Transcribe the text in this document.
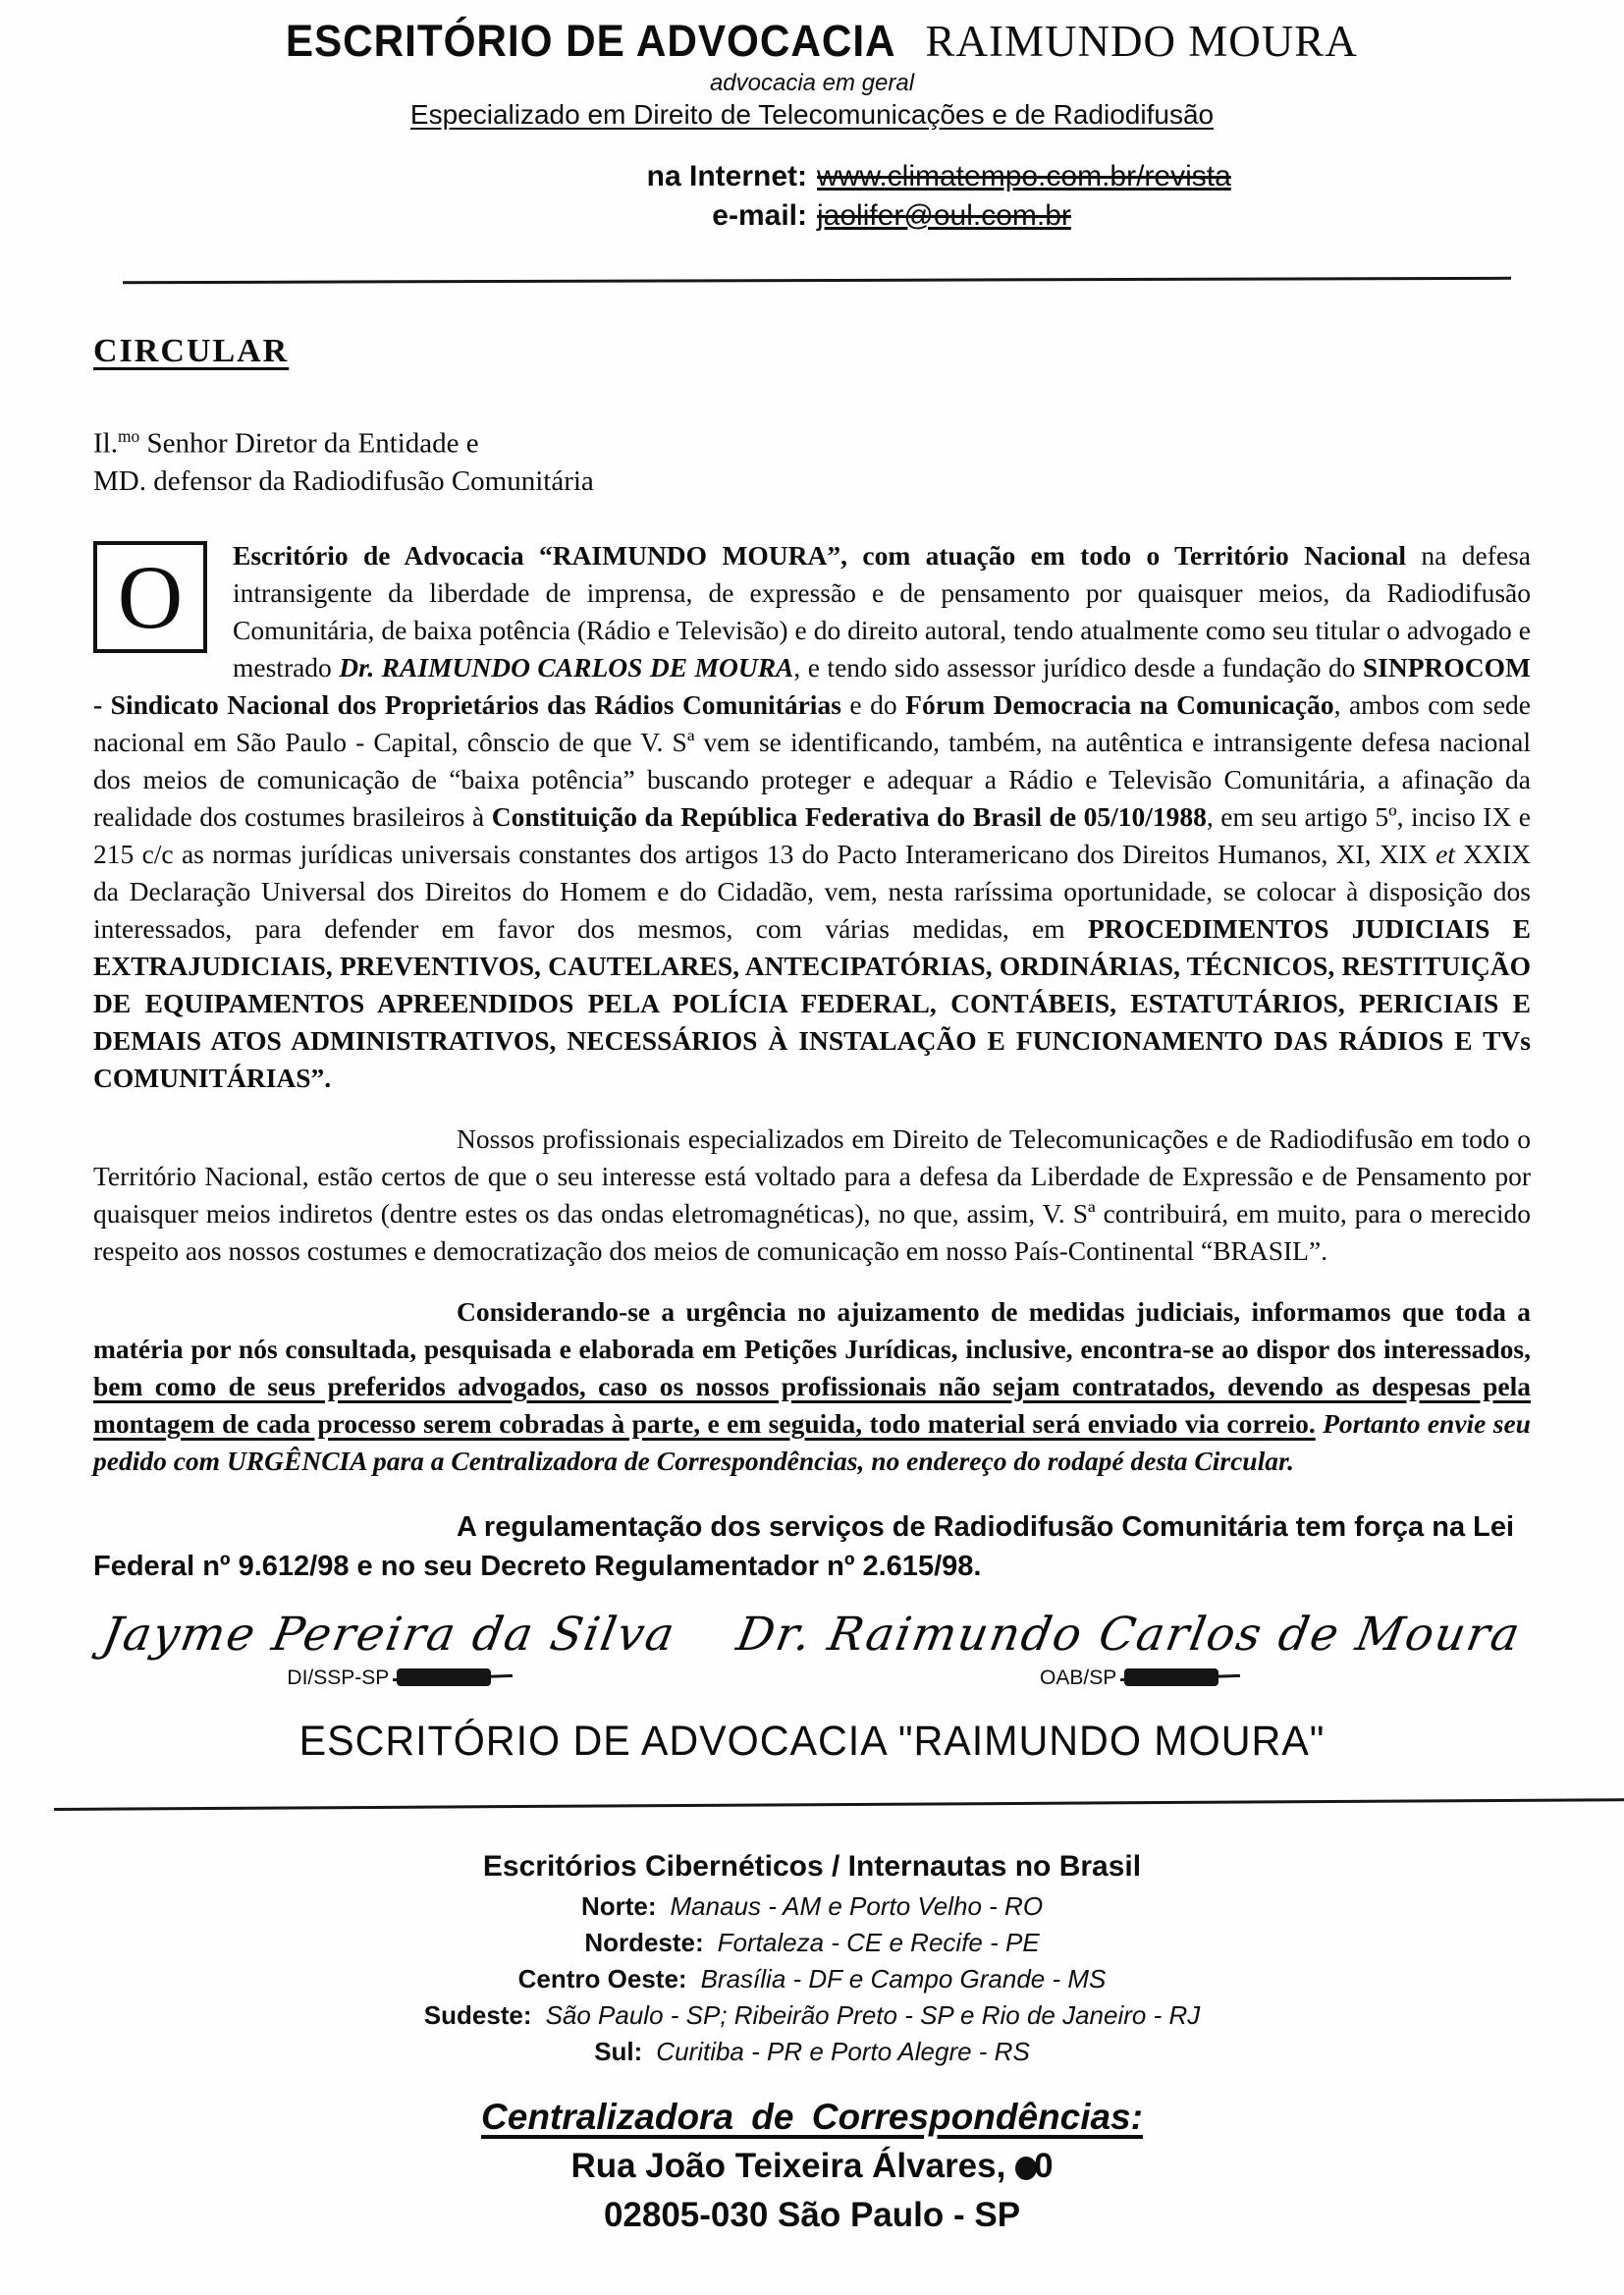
ESCRITÓRIO DE ADVOCACIA RAIMUNDO MOURA
advocacia em geral
Especializado em Direito de Telecomunicações e de Radiodifusão
na Internet: www.climatempo.com.br/revista
e-mail: jaolifer@oul.com.br
CIRCULAR
Il.$^{mo}$ Senhor Diretor da Entidade e
MD. defensor da Radiodifusão Comunitária
O Escritório de Advocacia “RAIMUNDO MOURA”, com atuação em todo o Território Nacional na defesa intransigente da liberdade de imprensa, de expressão e de pensamento por quaisquer meios, da Radiodifusão Comunitária, de baixa potência (Rádio e Televisão) e do direito autoral, tendo atualmente como seu titular o advogado e mestrado Dr. RAIMUNDO CARLOS DE MOURA, e tendo sido assessor jurídico desde a fundação do SINPROCOM - Sindicato Nacional dos Proprietários das Rádios Comunitárias e do Fórum Democracia na Comunicação, ambos com sede nacional em São Paulo - Capital, cônscio de que V. Sª vem se identificando, também, na autêntica e intransigente defesa nacional dos meios de comunicação de “baixa potência” buscando proteger e adequar a Rádio e Televisão Comunitária, a afinação da realidade dos costumes brasileiros à Constituição da República Federativa do Brasil de 05/10/1988, em seu artigo 5º, inciso IX e 215 c/c as normas jurídicas universais constantes dos artigos 13 do Pacto Interamericano dos Direitos Humanos, XI, XIX et XXIX da Declaração Universal dos Direitos do Homem e do Cidadão, vem, nesta raríssima oportunidade, se colocar à disposição dos interessados, para defender em favor dos mesmos, com várias medidas, em PROCEDIMENTOS JUDICIAIS E EXTRAJUDICIAIS, PREVENTIVOS, CAUTELARES, ANTECIPATÓRIAS, ORDINÁRIAS, TÉCNICOS, RESTITUIÇÃO DE EQUIPAMENTOS APREENDIDOS PELA POLÍCIA FEDERAL, CONTÁBEIS, ESTATUTÁRIOS, PERICIAIS E DEMAIS ATOS ADMINISTRATIVOS, NECESSÁRIOS À INSTALAÇÃO E FUNCIONAMENTO DAS RÁDIOS E TVs COMUNITÁRIAS”.
Nossos profissionais especializados em Direito de Telecomunicações e de Radiodifusão em todo o Território Nacional, estão certos de que o seu interesse está voltado para a defesa da Liberdade de Expressão e de Pensamento por quaisquer meios indiretos (dentre estes os das ondas eletromagnéticas), no que, assim, V. Sª contribuirá, em muito, para o merecido respeito aos nossos costumes e democratização dos meios de comunicação em nosso País-Continental “BRASIL”.
Considerando-se a urgência no ajuizamento de medidas judiciais, informamos que toda a matéria por nós consultada, pesquisada e elaborada em Petições Jurídicas, inclusive, encontra-se ao dispor dos interessados, bem como de seus preferidos advogados, caso os nossos profissionais não sejam contratados, devendo as despesas pela montagem de cada processo serem cobradas à parte, e em seguida, todo material será enviado via correio. Portanto envie seu pedido com URGÊNCIA para a Centralizadora de Correspondências, no endereço do rodapé desta Circular.
A regulamentação dos serviços de Radiodifusão Comunitária tem força na Lei Federal nº 9.612/98 e no seu Decreto Regulamentador nº 2.615/98.
Jayme Pereira da Silva
DI/SSP-SP
Dr. Raimundo Carlos de Moura
OAB/SP
ESCRITÓRIO DE ADVOCACIA "RAIMUNDO MOURA"
Escritórios Cibernéticos / Internautas no Brasil
Norte: Manaus - AM e Porto Velho - RO
Nordeste: Fortaleza - CE e Recife - PE
Centro Oeste: Brasília - DF e Campo Grande - MS
Sudeste: São Paulo - SP; Ribeirão Preto - SP e Rio de Janeiro - RJ
Sul: Curitiba - PR e Porto Alegre - RS
Centralizadora de Correspondências:
Rua João Teixeira Álvares, 0
02805-030 São Paulo - SP
